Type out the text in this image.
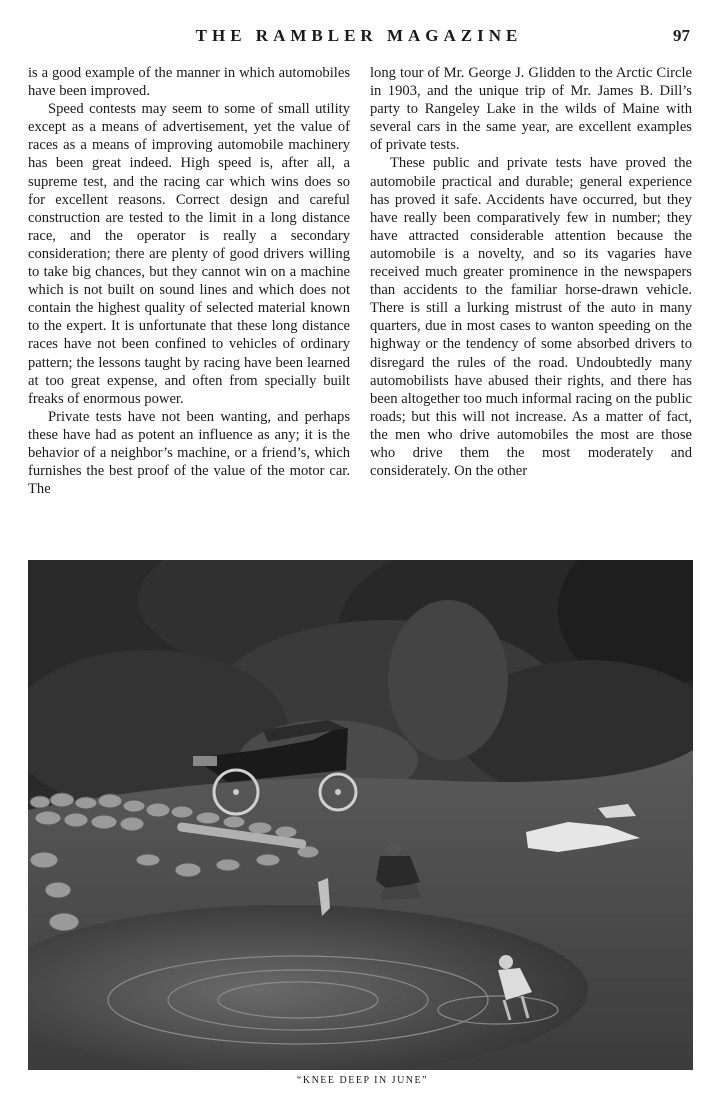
THE RAMBLER MAGAZINE	97

is a good example of the manner in which automobiles have been improved.

Speed contests may seem to some of small utility except as a means of advertisement, yet the value of races as a means of improving automobile machinery has been great indeed. High speed is, after all, a supreme test, and the racing car which wins does so for excellent reasons. Correct design and careful construction are tested to the limit in a long distance race, and the operator is really a secondary consideration; there are plenty of good drivers willing to take big chances, but they cannot win on a machine which is not built on sound lines and which does not contain the highest quality of selected material known to the expert. It is unfortunate that these long distance races have not been confined to vehicles of ordinary pattern; the lessons taught by racing have been learned at too great expense, and often from specially built freaks of enormous power.

Private tests have not been wanting, and perhaps these have had as potent an influence as any; it is the behavior of a neighbor’s machine, or a friend’s, which furnishes the best proof of the value of the motor car. The

long tour of Mr. George J. Glidden to the Arctic Circle in 1903, and the unique trip of Mr. James B. Dill’s party to Rangeley Lake in the wilds of Maine with several cars in the same year, are excellent examples of private tests.

These public and private tests have proved the automobile practical and durable; general experience has proved it safe. Accidents have occurred, but they have really been comparatively few in number; they have attracted considerable attention because the automobile is a novelty, and so its vagaries have received much greater prominence in the newspapers than accidents to the familiar horse-drawn vehicle. There is still a lurking mistrust of the auto in many quarters, due in most cases to wanton speeding on the highway or the tendency of some absorbed drivers to disregard the rules of the road. Undoubtedly many automobilists have abused their rights, and there has been altogether too much informal racing on the public roads; but this will not increase. As a matter of fact, the men who drive automobiles the most are those who drive them the most moderately and considerately. On the other

“KNEE DEEP IN JUNE”
